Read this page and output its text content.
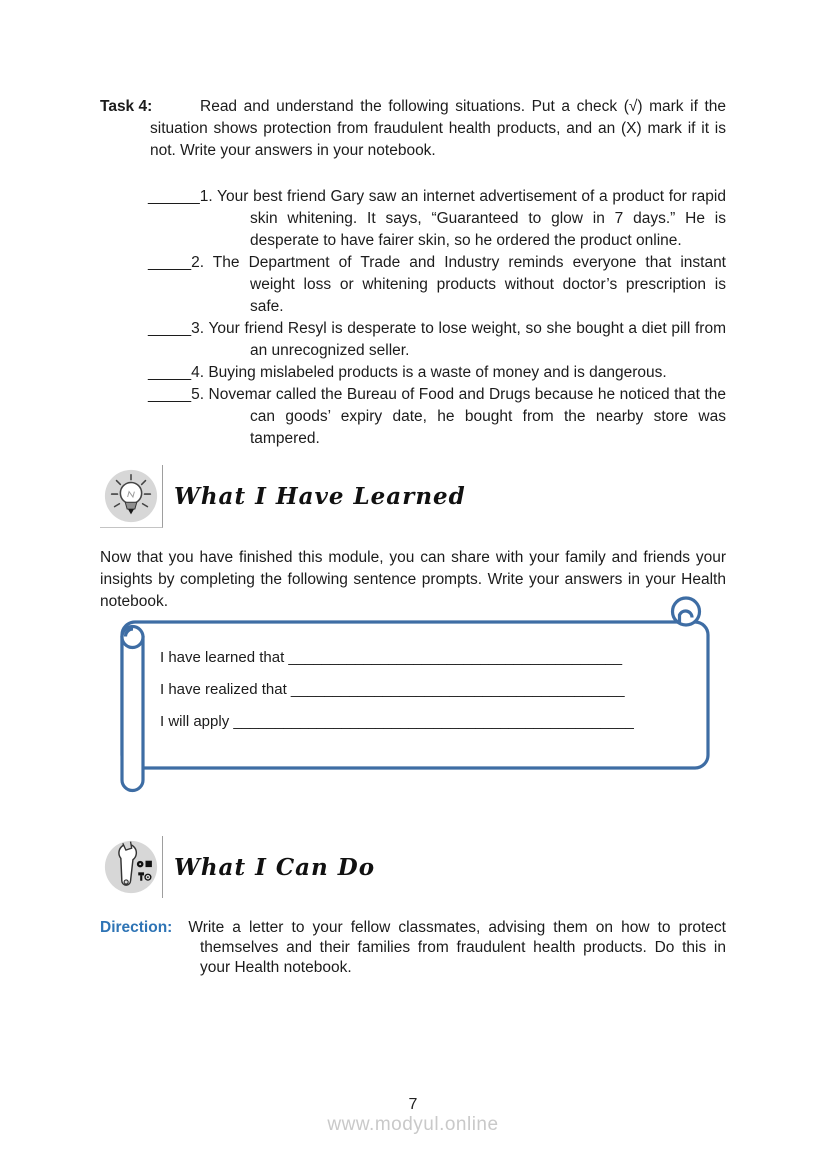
Task 4:	Read and understand the following situations. Put a check (√) mark if the situation shows protection from fraudulent health products, and an (X) mark if it is not. Write your answers in your notebook.
______1. Your best friend Gary saw an internet advertisement of a product for rapid skin whitening. It says, “Guaranteed to glow in 7 days.” He is desperate to have fairer skin, so he ordered the product online.
_____2. The Department of Trade and Industry reminds everyone that instant weight loss or whitening products without doctor’s prescription is safe.
_____3. Your friend Resyl is desperate to lose weight, so she bought a diet pill from an unrecognized seller.
_____4. Buying mislabeled products is a waste of money and is dangerous.
_____5. Novemar called the Bureau of Food and Drugs because he noticed that the can goods’ expiry date, he bought from the nearby store was tampered.
What I Have Learned
Now that you have finished this module, you can share with your family and friends your insights by completing the following sentence prompts. Write your answers in your Health notebook.
I have learned that ________________________________________
I have realized that ________________________________________
I will apply ________________________________________________
What I Can Do
Direction: Write a letter to your fellow classmates, advising them on how to protect themselves and their families from fraudulent health products. Do this in your Health notebook.
7
www.modyul.online
